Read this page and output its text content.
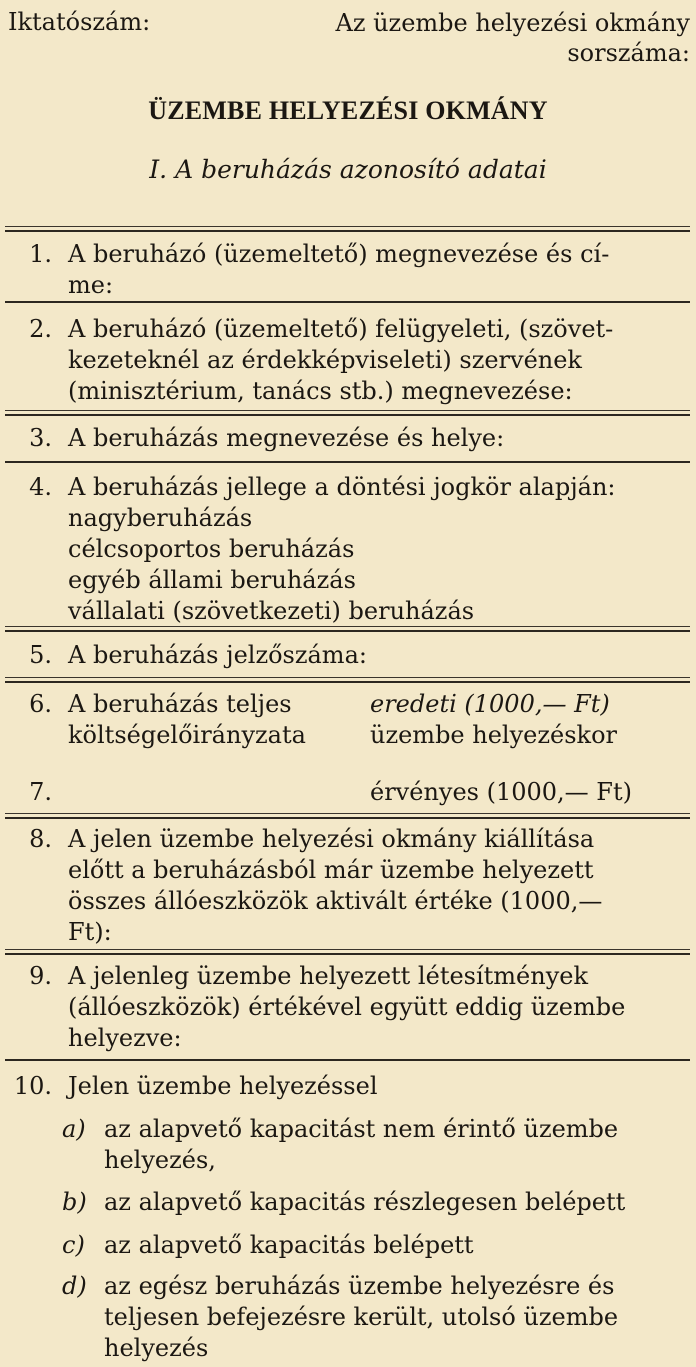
Iktatószám:	Az üzembe helyezési okmány
sorszáma:
ÜZEMBE HELYEZÉSI OKMÁNY
I. A beruházás azonosító adatai
1. A beruházó (üzemeltető) megnevezése és cí-
me:
2. A beruházó (üzemeltető) felügyeleti, (szövet-
kezeteknél az érdekképviseleti) szervének
(minisztérium, tanács stb.) megnevezése:
3. A beruházás megnevezése és helye:
4. A beruházás jellege a döntési jogkör alapján:
nagyberuházás
célcsoportos beruházás
egyéb állami beruházás
vállalati (szövetkezeti) beruházás
5. A beruházás jelzőszáma:
6. A beruházás teljes
költségelőirányzata
eredeti (1000,— Ft)
üzembe helyezéskor
7.	érvényes (1000,— Ft)
8. A jelen üzembe helyezési okmány kiállítása
előtt a beruházásból már üzembe helyezett
összes állóeszközök aktivált értéke (1000,—
Ft):
9. A jelenleg üzembe helyezett létesítmények
(állóeszközök) értékével együtt eddig üzembe
helyezve:
10. Jelen üzembe helyezéssel
a) az alapvető kapacitást nem érintő üzembe
helyezés,
b) az alapvető kapacitás részlegesen belépett
c) az alapvető kapacitás belépett
d) az egész beruházás üzembe helyezésre és
teljesen befejezésre került, utolsó üzembe
helyezés
